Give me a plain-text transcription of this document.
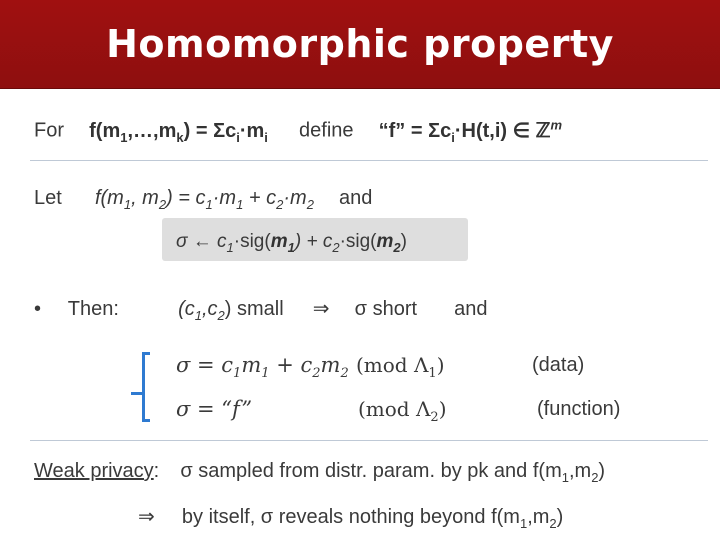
Homomorphic property
For $f(m_1,\dots,m_k) = \Sigma c_i\cdot m_i$ define “f” = $\Sigma c_i\cdot H(t,i)$ ∈ ℤ$^m$
Let $f(m_1$, $m_2) = c_1\cdot m_1 + c_2\cdot m_2$ and
σ ← $c_1\cdot sig(m_1) + c_2\cdot sig(m_2)$
• Then:	$(c_1,c_2)$ small ⇒ σ short and
$\sigma = c_1m_1 + c_2m_2$ (mod $\Lambda_1$)	(data)
σ = “f”	(mod $\Lambda_2$)	(function)
Weak privacy: σ sampled from distr. param. by pk and $f(m_1,m_2)$
⇒ by itself, σ reveals nothing beyond $f(m_1,m_2)$
